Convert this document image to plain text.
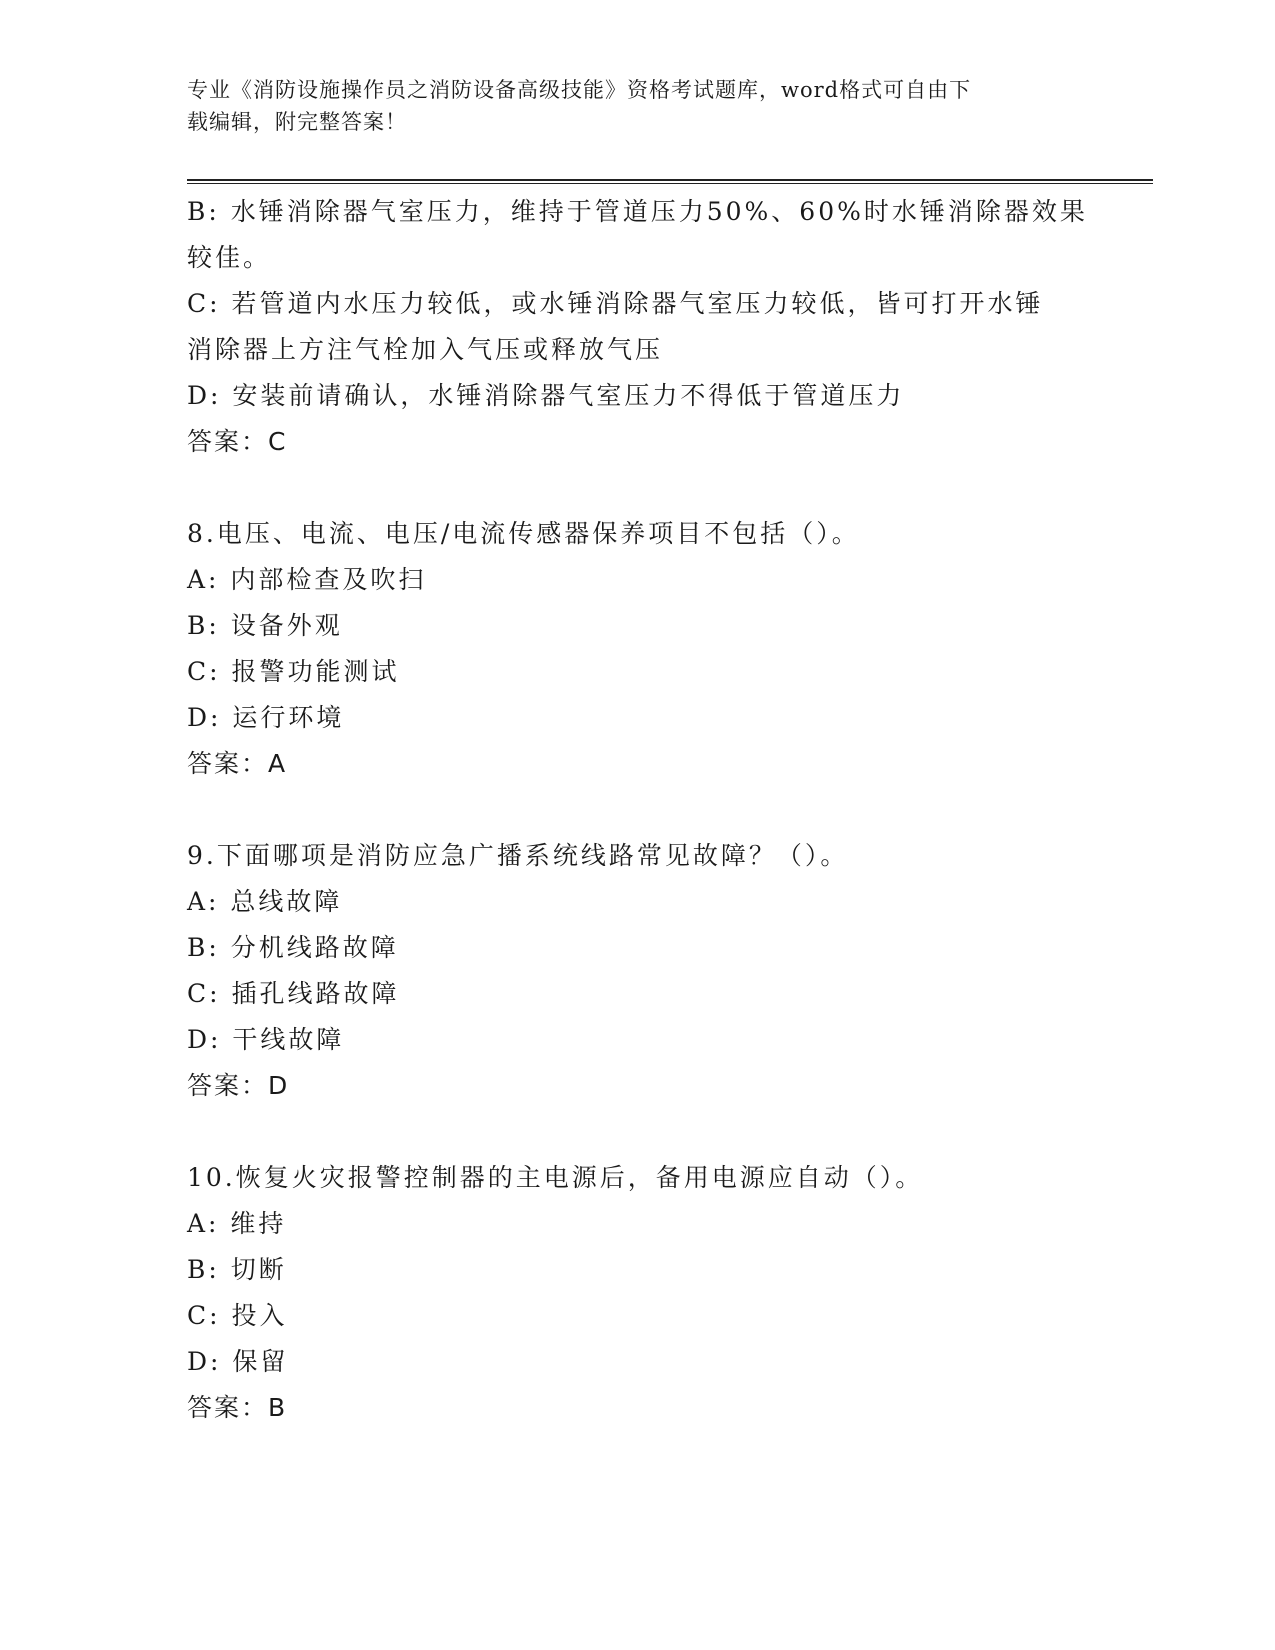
专业《消防设施操作员之消防设备高级技能》资格考试题库，word格式可自由下
载编辑，附完整答案！
B: 水锤消除器气室压力，维持于管道压力50%、60%时水锤消除器效果
较佳。
C: 若管道内水压力较低，或水锤消除器气室压力较低，皆可打开水锤
消除器上方注气栓加入气压或释放气压
D: 安装前请确认，水锤消除器气室压力不得低于管道压力
答案：C
8.电压、电流、电压/电流传感器保养项目不包括（）。
A: 内部检查及吹扫
B: 设备外观
C: 报警功能测试
D: 运行环境
答案：A
9.下面哪项是消防应急广播系统线路常见故障？（）。
A: 总线故障
B: 分机线路故障
C: 插孔线路故障
D: 干线故障
答案：D
10.恢复火灾报警控制器的主电源后，备用电源应自动（）。
A: 维持
B: 切断
C: 投入
D: 保留
答案：B
